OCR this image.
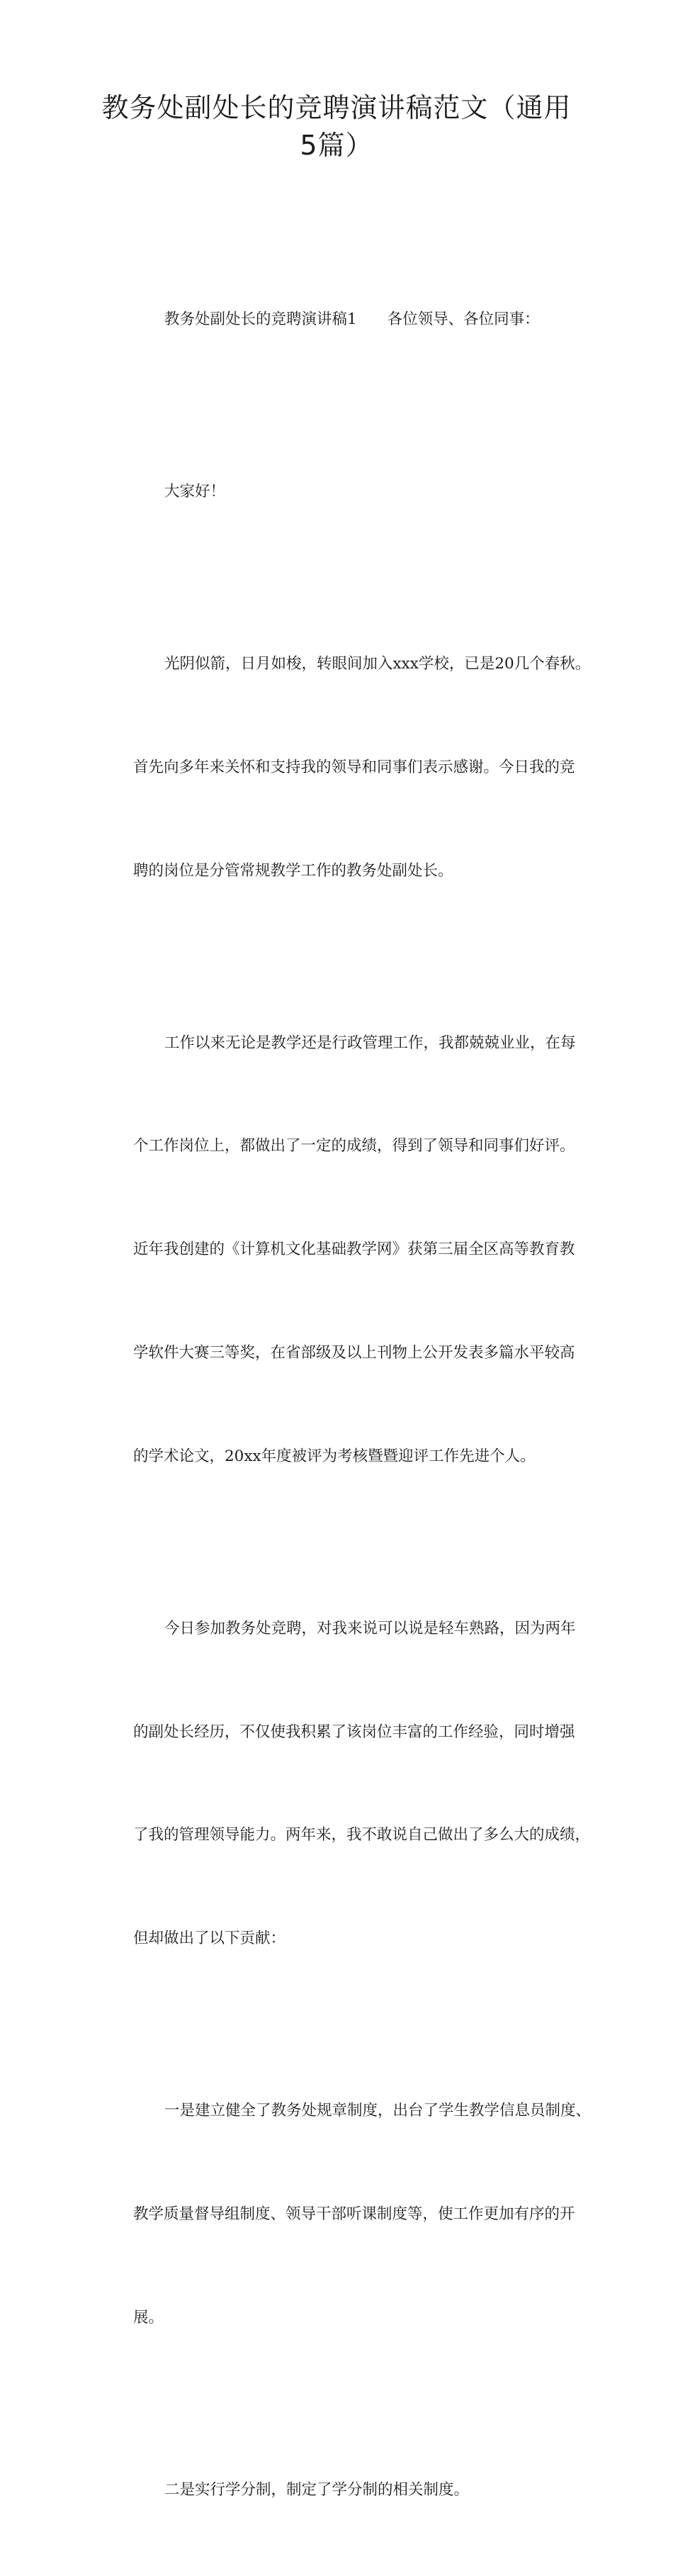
教务处副处长的竞聘演讲稿范文（通用
5篇）

教务处副处长的竞聘演讲稿1　　各位领导、各位同事：

大家好！

光阴似箭，日月如梭，转眼间加入xxx学校，已是20几个春秋。

首先向多年来关怀和支持我的领导和同事们表示感谢。今日我的竞

聘的岗位是分管常规教学工作的教务处副处长。

工作以来无论是教学还是行政管理工作，我都兢兢业业，在每

个工作岗位上，都做出了一定的成绩，得到了领导和同事们好评。

近年我创建的《计算机文化基础教学网》获第三届全区高等教育教

学软件大赛三等奖，在省部级及以上刊物上公开发表多篇水平较高

的学术论文，20xx年度被评为考核暨暨迎评工作先进个人。

今日参加教务处竞聘，对我来说可以说是轻车熟路，因为两年

的副处长经历，不仅使我积累了该岗位丰富的工作经验，同时增强

了我的管理领导能力。两年来，我不敢说自己做出了多么大的成绩，

但却做出了以下贡献：

一是建立健全了教务处规章制度，出台了学生教学信息员制度、

教学质量督导组制度、领导干部听课制度等，使工作更加有序的开

展。

二是实行学分制，制定了学分制的相关制度。
